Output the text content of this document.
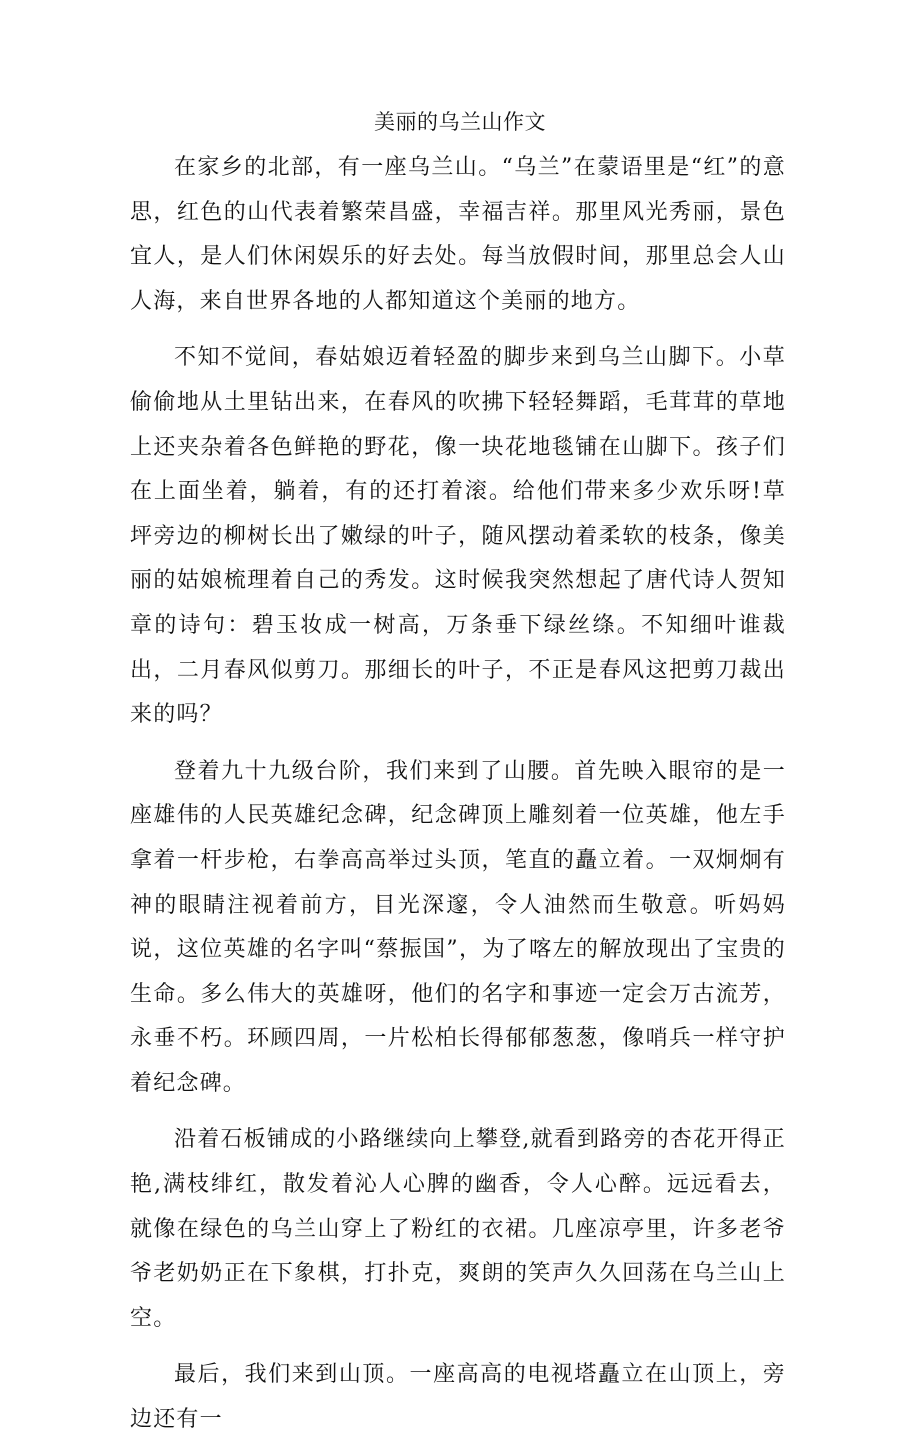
美丽的乌兰山作文

在家乡的北部，有一座乌兰山。“乌兰”在蒙语里是“红”的意思，红色的山代表着繁荣昌盛，幸福吉祥。那里风光秀丽，景色宜人，是人们休闲娱乐的好去处。每当放假时间，那里总会人山人海，来自世界各地的人都知道这个美丽的地方。

不知不觉间，春姑娘迈着轻盈的脚步来到乌兰山脚下。小草偷偷地从土里钻出来，在春风的吹拂下轻轻舞蹈，毛茸茸的草地上还夹杂着各色鲜艳的野花，像一块花地毯铺在山脚下。孩子们在上面坐着，躺着，有的还打着滚。给他们带来多少欢乐呀!草坪旁边的柳树长出了嫩绿的叶子，随风摆动着柔软的枝条，像美丽的姑娘梳理着自己的秀发。这时候我突然想起了唐代诗人贺知章的诗句：碧玉妆成一树高，万条垂下绿丝绦。不知细叶谁裁出，二月春风似剪刀。那细长的叶子，不正是春风这把剪刀裁出来的吗？

登着九十九级台阶，我们来到了山腰。首先映入眼帘的是一座雄伟的人民英雄纪念碑，纪念碑顶上雕刻着一位英雄，他左手拿着一杆步枪，右拳高高举过头顶，笔直的矗立着。一双炯炯有神的眼睛注视着前方，目光深邃，令人油然而生敬意。听妈妈说，这位英雄的名字叫“蔡振国”，为了喀左的解放现出了宝贵的生命。多么伟大的英雄呀，他们的名字和事迹一定会万古流芳，永垂不朽。环顾四周，一片松柏长得郁郁葱葱，像哨兵一样守护着纪念碑。

沿着石板铺成的小路继续向上攀登,就看到路旁的杏花开得正艳,满枝绯红，散发着沁人心脾的幽香，令人心醉。远远看去，就像在绿色的乌兰山穿上了粉红的衣裙。几座凉亭里，许多老爷爷老奶奶正在下象棋，打扑克，爽朗的笑声久久回荡在乌兰山上空。

最后，我们来到山顶。一座高高的电视塔矗立在山顶上，旁边还有一
